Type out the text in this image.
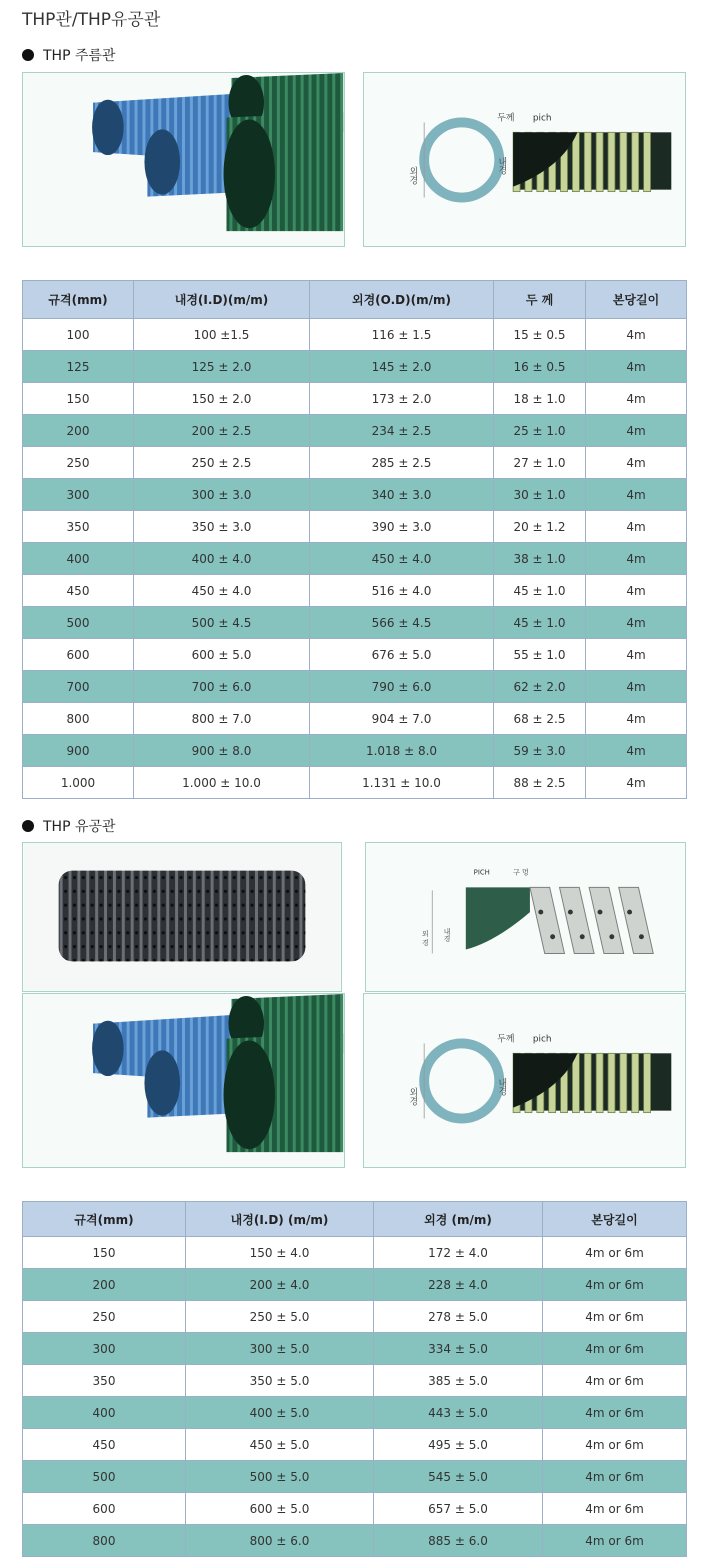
THP관/THP유공관
THP 주름관
외경
내경
두께 pich
규격(mm)	내경(I.D)(m/m)	외경(O.D)(m/m)	두 께	본당길이
100	100 ±1.5	116 ± 1.5	15 ± 0.5	4m
125	125 ± 2.0	145 ± 2.0	16 ± 0.5	4m
150	150 ± 2.0	173 ± 2.0	18 ± 1.0	4m
200	200 ± 2.5	234 ± 2.5	25 ± 1.0	4m
250	250 ± 2.5	285 ± 2.5	27 ± 1.0	4m
300	300 ± 3.0	340 ± 3.0	30 ± 1.0	4m
350	350 ± 3.0	390 ± 3.0	20 ± 1.2	4m
400	400 ± 4.0	450 ± 4.0	38 ± 1.0	4m
450	450 ± 4.0	516 ± 4.0	45 ± 1.0	4m
500	500 ± 4.5	566 ± 4.5	45 ± 1.0	4m
600	600 ± 5.0	676 ± 5.0	55 ± 1.0	4m
700	700 ± 6.0	790 ± 6.0	62 ± 2.0	4m
800	800 ± 7.0	904 ± 7.0	68 ± 2.5	4m
900	900 ± 8.0	1.018 ± 8.0	59 ± 3.0	4m
1.000	1.000 ± 10.0	1.131 ± 10.0	88 ± 2.5	4m
THP 유공관
PICH	구 멍
외 경 내경
외경
내경
두께 pich
규격(mm)	내경(I.D) (m/m)	외경 (m/m)	본당길이
150	150 ± 4.0	172 ± 4.0	4m or 6m
200	200 ± 4.0	228 ± 4.0	4m or 6m
250	250 ± 5.0	278 ± 5.0	4m or 6m
300	300 ± 5.0	334 ± 5.0	4m or 6m
350	350 ± 5.0	385 ± 5.0	4m or 6m
400	400 ± 5.0	443 ± 5.0	4m or 6m
450	450 ± 5.0	495 ± 5.0	4m or 6m
500	500 ± 5.0	545 ± 5.0	4m or 6m
600	600 ± 5.0	657 ± 5.0	4m or 6m
800	800 ± 6.0	885 ± 6.0	4m or 6m
